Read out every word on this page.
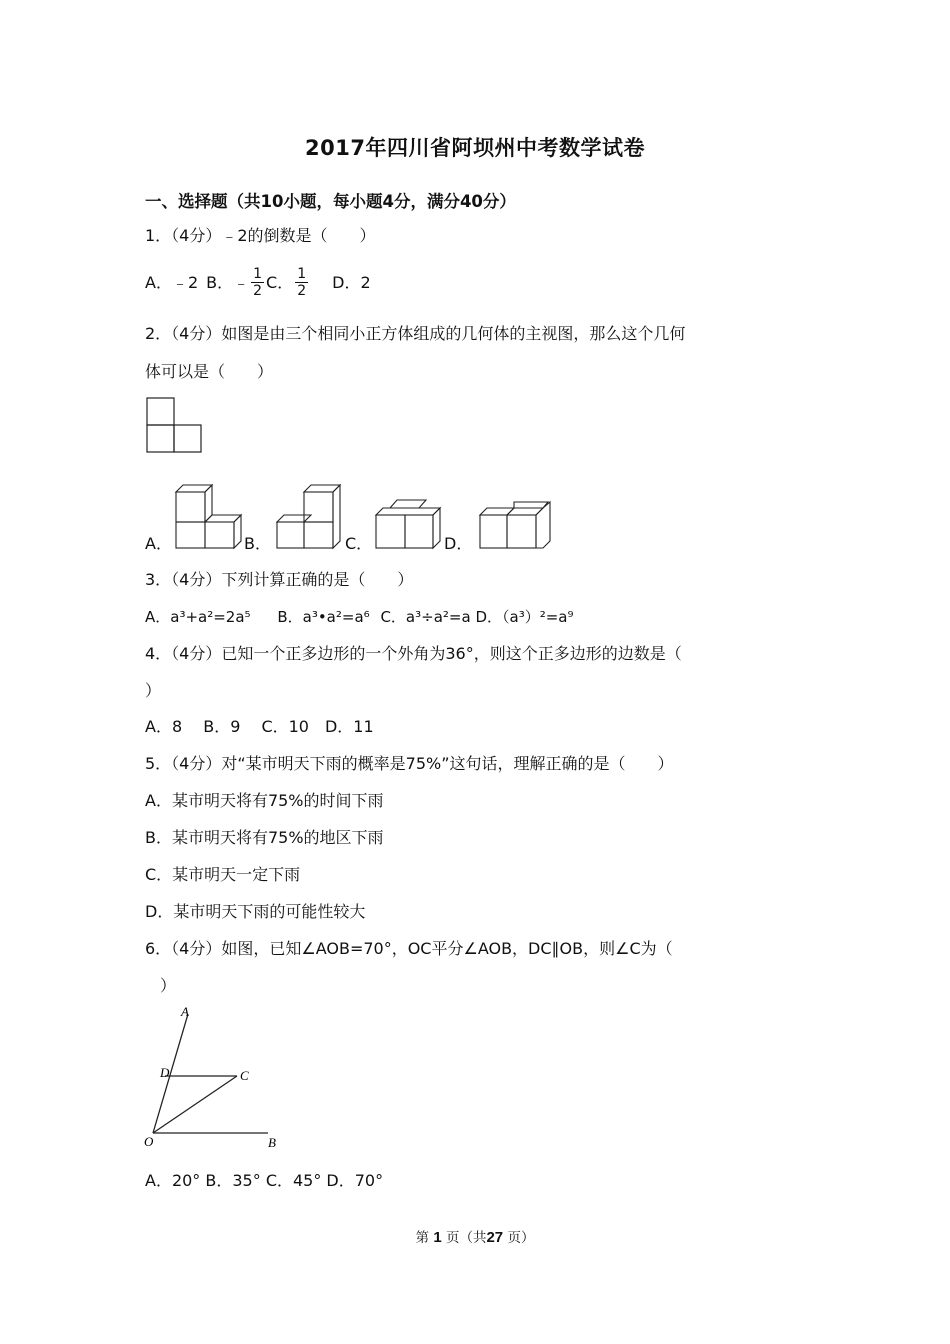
2017年四川省阿坝州中考数学试卷
一、选择题（共10小题，每小题4分，满分40分）
1．（4分）﹣2的倒数是（　　）
A．﹣2 B．﹣ $\frac{1}{2}$ C． $\frac{1}{2}$ D．2
2．（4分）如图是由三个相同小正方体组成的几何体的主视图，那么这个几何
体可以是（　　）
A．	B．	C．	D．
3．（4分）下列计算正确的是（　　）
A．a³+a²=2a⁵ B．a³•a²=a⁶ C．a³÷a²=a D．（a³）²=a⁹
4．（4分）已知一个正多边形的一个外角为36°，则这个正多边形的边数是（
）
A．8　 B．9　 C．10　D．11
5．（4分）对“某市明天下雨的概率是75%”这句话，理解正确的是（　　）
A．某市明天将有75%的时间下雨
B．某市明天将有75%的地区下雨
C．某市明天一定下雨
D．某市明天下雨的可能性较大
6．（4分）如图，已知∠AOB=70°，OC平分∠AOB，DC∥OB，则∠C为（
）
A
D	C
O	B
A．20° B．35° C．45° D．70°
第 1 页（共27 页）
